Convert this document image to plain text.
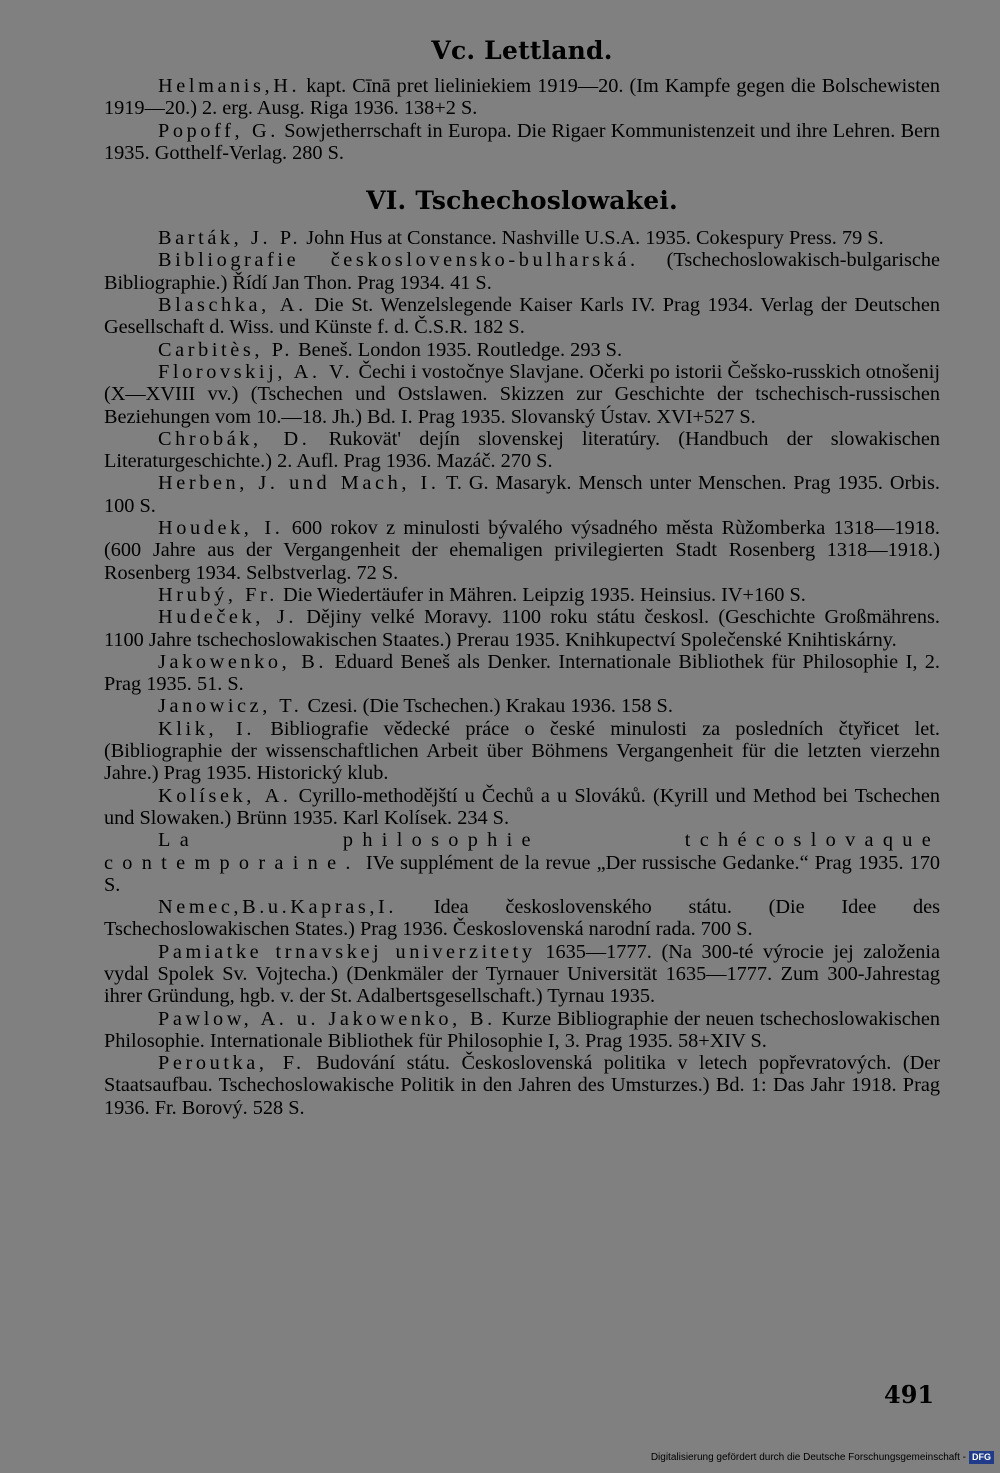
Vc. Lettland.

Helmanis,H. kapt. Cīnā pret lieliniekiem 1919—20. (Im Kampfe gegen die Bolschewisten 1919—20.) 2. erg. Ausg. Riga 1936. 138+2 S.

Popoff, G. Sowjetherrschaft in Europa. Die Rigaer Kommunistenzeit und ihre Lehren. Bern 1935. Gotthelf-Verlag. 280 S.

VI. Tschechoslowakei.

Barták, J. P. John Hus at Constance. Nashville U.S.A. 1935. Cokespury Press. 79 S.

Bibliografie československo-bulharská. (Tschechoslowakisch-bulgarische Bibliographie.) Řídí Jan Thon. Prag 1934. 41 S.

Blaschka, A. Die St. Wenzelslegende Kaiser Karls IV. Prag 1934. Verlag der Deutschen Gesellschaft d. Wiss. und Künste f. d. Č.S.R. 182 S.

Carbitès, P. Beneš. London 1935. Routledge. 293 S.

Florovskij, A. V. Čechi i vostočnye Slavjane. Očerki po istorii Češsko-russkich otnošenij (X—XVIII vv.) (Tschechen und Ostslawen. Skizzen zur Geschichte der tschechisch-russischen Beziehungen vom 10.—18. Jh.) Bd. I. Prag 1935. Slovanský Ústav. XVI+527 S.

Chrobák, D. Rukovät' dejín slovenskej literatúry. (Handbuch der slowakischen Literaturgeschichte.) 2. Aufl. Prag 1936. Mazáč. 270 S.

Herben, J. und Mach, I. T. G. Masaryk. Mensch unter Menschen. Prag 1935. Orbis. 100 S.

Houdek, I. 600 rokov z minulosti bývalého výsadného města Rùžomberka 1318—1918. (600 Jahre aus der Vergangenheit der ehemaligen privilegierten Stadt Rosenberg 1318—1918.) Rosenberg 1934. Selbstverlag. 72 S.

Hrubý, Fr. Die Wiedertäufer in Mähren. Leipzig 1935. Heinsius. IV+160 S.

Hudeček, J. Dějiny velké Moravy. 1100 roku státu českosl. (Geschichte Großmährens. 1100 Jahre tschechoslowakischen Staates.) Prerau 1935. Knihkupectví Společenské Knihtiskárny.

Jakowenko, B. Eduard Beneš als Denker. Internationale Bibliothek für Philosophie I, 2. Prag 1935. 51. S.

Janowicz, T. Czesi. (Die Tschechen.) Krakau 1936. 158 S.

Klik, I. Bibliografie vědecké práce o české minulosti za posledních čtyřicet let. (Bibliographie der wissenschaftlichen Arbeit über Böhmens Vergangenheit für die letzten vierzehn Jahre.) Prag 1935. Historický klub.

Kolísek, A. Cyrillo-methodějští u Čechů a u Slováků. (Kyrill und Method bei Tschechen und Slowaken.) Brünn 1935. Karl Kolísek. 234 S.

La philosophie tchécoslovaque contemporaine. IVe supplément de la revue „Der russische Gedanke.“ Prag 1935. 170 S.

Nemec,B.u.Kapras,I. Idea československého státu. (Die Idee des Tschechoslowakischen States.) Prag 1936. Československá narodní rada. 700 S.

Pamiatke trnavskej univerzitety 1635—1777. (Na 300-té výrocie jej založenia vydal Spolek Sv. Vojtecha.) (Denkmäler der Tyrnauer Universität 1635—1777. Zum 300-Jahrestag ihrer Gründung, hgb. v. der St. Adalbertsgesellschaft.) Tyrnau 1935.

Pawlow, A. u. Jakowenko, B. Kurze Bibliographie der neuen tschechoslowakischen Philosophie. Internationale Bibliothek für Philosophie I, 3. Prag 1935. 58+XIV S.

Peroutka, F. Budování státu. Československá politika v letech popřevratových. (Der Staatsaufbau. Tschechoslowakische Politik in den Jahren des Umsturzes.) Bd. 1: Das Jahr 1918. Prag 1936. Fr. Borový. 528 S.

491
Digitalisierung gefördert durch die Deutsche Forschungsgemeinschaft - DFG
